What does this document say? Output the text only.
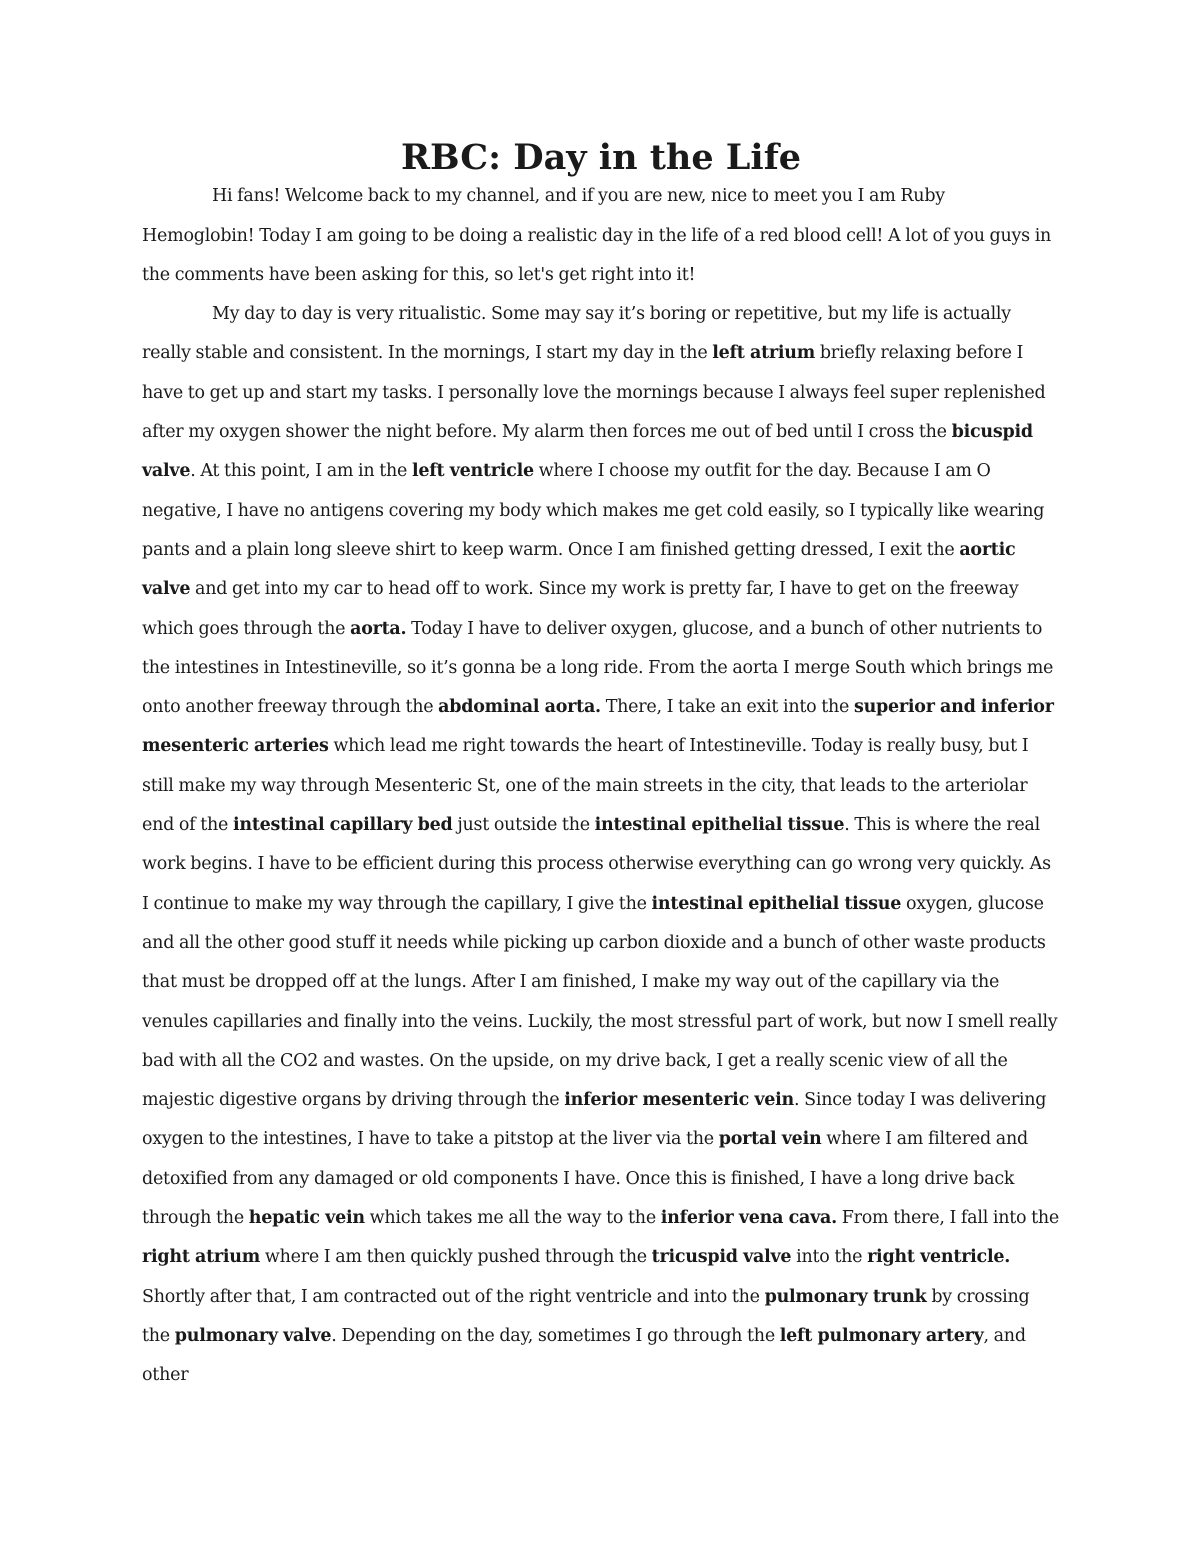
RBC: Day in the Life

Hi fans! Welcome back to my channel, and if you are new, nice to meet you I am Ruby Hemoglobin! Today I am going to be doing a realistic day in the life of a red blood cell! A lot of you guys in the comments have been asking for this, so let's get right into it!

My day to day is very ritualistic. Some may say it’s boring or repetitive, but my life is actually really stable and consistent. In the mornings, I start my day in the left atrium briefly relaxing before I have to get up and start my tasks. I personally love the mornings because I always feel super replenished after my oxygen shower the night before. My alarm then forces me out of bed until I cross the bicuspid valve. At this point, I am in the left ventricle where I choose my outfit for the day. Because I am O negative, I have no antigens covering my body which makes me get cold easily, so I typically like wearing pants and a plain long sleeve shirt to keep warm. Once I am finished getting dressed, I exit the aortic valve and get into my car to head off to work. Since my work is pretty far, I have to get on the freeway which goes through the aorta. Today I have to deliver oxygen, glucose, and a bunch of other nutrients to the intestines in Intestineville, so it’s gonna be a long ride. From the aorta I merge South which brings me onto another freeway through the abdominal aorta. There, I take an exit into the superior and inferior mesenteric arteries which lead me right towards the heart of Intestineville. Today is really busy, but I still make my way through Mesenteric St, one of the main streets in the city, that leads to the arteriolar end of the intestinal capillary bed just outside the intestinal epithelial tissue. This is where the real work begins. I have to be efficient during this process otherwise everything can go wrong very quickly. As I continue to make my way through the capillary, I give the intestinal epithelial tissue oxygen, glucose and all the other good stuff it needs while picking up carbon dioxide and a bunch of other waste products that must be dropped off at the lungs. After I am finished, I make my way out of the capillary via the venules capillaries and finally into the veins. Luckily, the most stressful part of work, but now I smell really bad with all the CO2 and wastes. On the upside, on my drive back, I get a really scenic view of all the majestic digestive organs by driving through the inferior mesenteric vein. Since today I was delivering oxygen to the intestines, I have to take a pitstop at the liver via the portal vein where I am filtered and detoxified from any damaged or old components I have. Once this is finished, I have a long drive back through the hepatic vein which takes me all the way to the inferior vena cava. From there, I fall into the right atrium where I am then quickly pushed through the tricuspid valve into the right ventricle. Shortly after that, I am contracted out of the right ventricle and into the pulmonary trunk by crossing the pulmonary valve. Depending on the day, sometimes I go through the left pulmonary artery, and other
